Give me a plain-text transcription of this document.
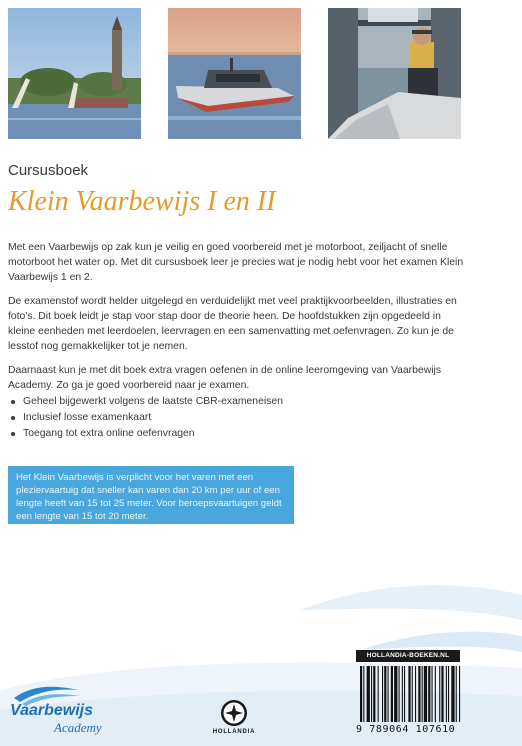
Cursusboek
Klein Vaarbewijs I en II

Met een Vaarbewijs op zak kun je veilig en goed voorbereid met je motorboot, zeiljacht of snelle motorboot het water op. Met dit cursusboek leer je precies wat je nodig hebt voor het examen Klein Vaarbewijs 1 en 2.

De examenstof wordt helder uitgelegd en verduidelijkt met veel praktijkvoorbeelden, illustraties en foto's. Dit boek leidt je stap voor stap door de theorie heen. De hoofdstukken zijn opgedeeld in kleine eenheden met leerdoelen, leervragen en een samenvatting met oefenvragen. Zo kun je de lesstof nog gemakkelijker tot je nemen.

Daarnaast kun je met dit boek extra vragen oefenen in de online leeromgeving van Vaarbewijs Academy. Zo ga je goed voorbereid naar je examen.

Geheel bijgewerkt volgens de laatste CBR-exameneisen
Inclusief losse examenkaart
Toegang tot extra online oefenvragen
Het Klein Vaarbewijs is verplicht voor het varen met een pleziervaartuig dat sneller kan varen dan 20 km per uur of een lengte heeft van 15 tot 25 meter. Voor beroepsvaartuigen geldt een lengte van 15 tot 20 meter.
HOLLANDIA-BOEKEN.NL
9 789064 107610
Vaarbewijs
Academy	HOLLANDIA
